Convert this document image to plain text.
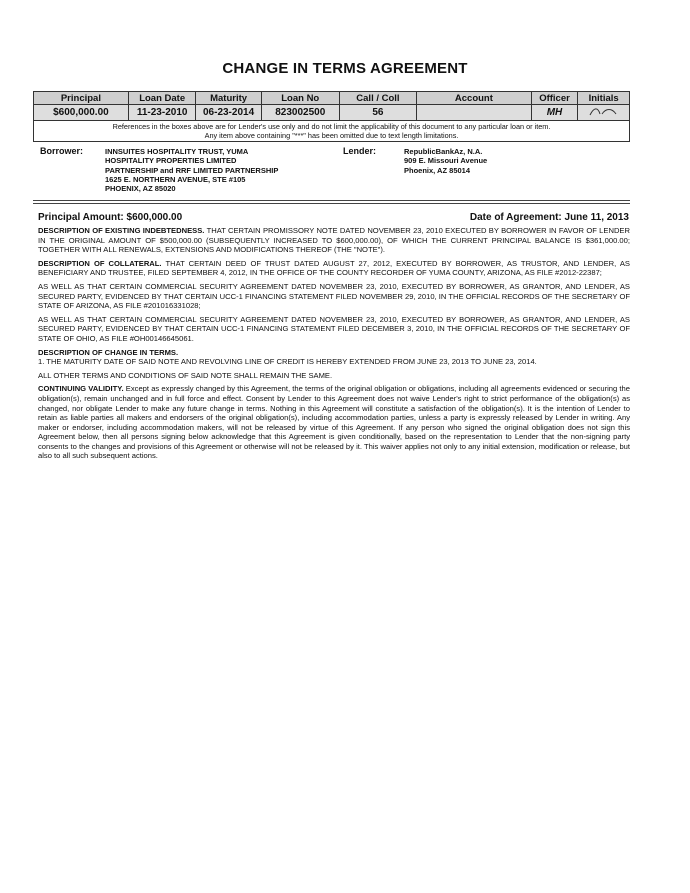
CHANGE IN TERMS AGREEMENT
Principal	Loan Date	Maturity	Loan No	Call / Coll	Account	Officer	Initials
$600,000.00	11-23-2010	06-23-2014	823002500	56		MH	

References in the boxes above are for Lender's use only and do not limit the applicability of this document to any particular loan or item.
Any item above containing "***" has been omitted due to text length limitations.							
Borrower:	INNSUITES HOSPITALITY TRUST, YUMA
HOSPITALITY PROPERTIES LIMITED
PARTNERSHIP and RRF LIMITED PARTNERSHIP
1625 E. NORTHERN AVENUE, STE #105
PHOENIX, AZ 85020
Lender:	RepublicBankAz, N.A.
909 E. Missouri Avenue
Phoenix, AZ 85014
Principal Amount: $600,000.00	Date of Agreement: June 11, 2013

DESCRIPTION OF EXISTING INDEBTEDNESS. THAT CERTAIN PROMISSORY NOTE DATED NOVEMBER 23, 2010 EXECUTED BY BORROWER IN FAVOR OF LENDER IN THE ORIGINAL AMOUNT OF $500,000.00 (SUBSEQUENTLY INCREASED TO $600,000.00), OF WHICH THE CURRENT PRINCIPAL BALANCE IS $361,000.00; TOGETHER WITH ALL RENEWALS, EXTENSIONS AND MODIFICATIONS THEREOF (THE "NOTE").

DESCRIPTION OF COLLATERAL. THAT CERTAIN DEED OF TRUST DATED AUGUST 27, 2012, EXECUTED BY BORROWER, AS TRUSTOR, AND LENDER, AS BENEFICIARY AND TRUSTEE, FILED SEPTEMBER 4, 2012, IN THE OFFICE OF THE COUNTY RECORDER OF YUMA COUNTY, ARIZONA, AS FILE #2012-22387;

AS WELL AS THAT CERTAIN COMMERCIAL SECURITY AGREEMENT DATED NOVEMBER 23, 2010, EXECUTED BY BORROWER, AS GRANTOR, AND LENDER, AS SECURED PARTY, EVIDENCED BY THAT CERTAIN UCC-1 FINANCING STATEMENT FILED NOVEMBER 29, 2010, IN THE OFFICIAL RECORDS OF THE SECRETARY OF STATE OF ARIZONA, AS FILE #201016331028;

AS WELL AS THAT CERTAIN COMMERCIAL SECURITY AGREEMENT DATED NOVEMBER 23, 2010, EXECUTED BY BORROWER, AS GRANTOR, AND LENDER, AS SECURED PARTY, EVIDENCED BY THAT CERTAIN UCC-1 FINANCING STATEMENT FILED DECEMBER 3, 2010, IN THE OFFICIAL RECORDS OF THE SECRETARY OF STATE OF OHIO, AS FILE #OH00146645061.

DESCRIPTION OF CHANGE IN TERMS.

1. THE MATURITY DATE OF SAID NOTE AND REVOLVING LINE OF CREDIT IS HEREBY EXTENDED FROM JUNE 23, 2013 TO JUNE 23, 2014.

ALL OTHER TERMS AND CONDITIONS OF SAID NOTE SHALL REMAIN THE SAME.

CONTINUING VALIDITY. Except as expressly changed by this Agreement, the terms of the original obligation or obligations, including all agreements evidenced or securing the obligation(s), remain unchanged and in full force and effect. Consent by Lender to this Agreement does not waive Lender's right to strict performance of the obligation(s) as changed, nor obligate Lender to make any future change in terms. Nothing in this Agreement will constitute a satisfaction of the obligation(s). It is the intention of Lender to retain as liable parties all makers and endorsers of the original obligation(s), including accommodation parties, unless a party is expressly released by Lender in writing. Any maker or endorser, including accommodation makers, will not be released by virtue of this Agreement. If any person who signed the original obligation does not sign this Agreement below, then all persons signing below acknowledge that this Agreement is given conditionally, based on the representation to Lender that the non-signing party consents to the changes and provisions of this Agreement or otherwise will not be released by it. This waiver applies not only to any initial extension, modification or release, but also to all such subsequent actions.
